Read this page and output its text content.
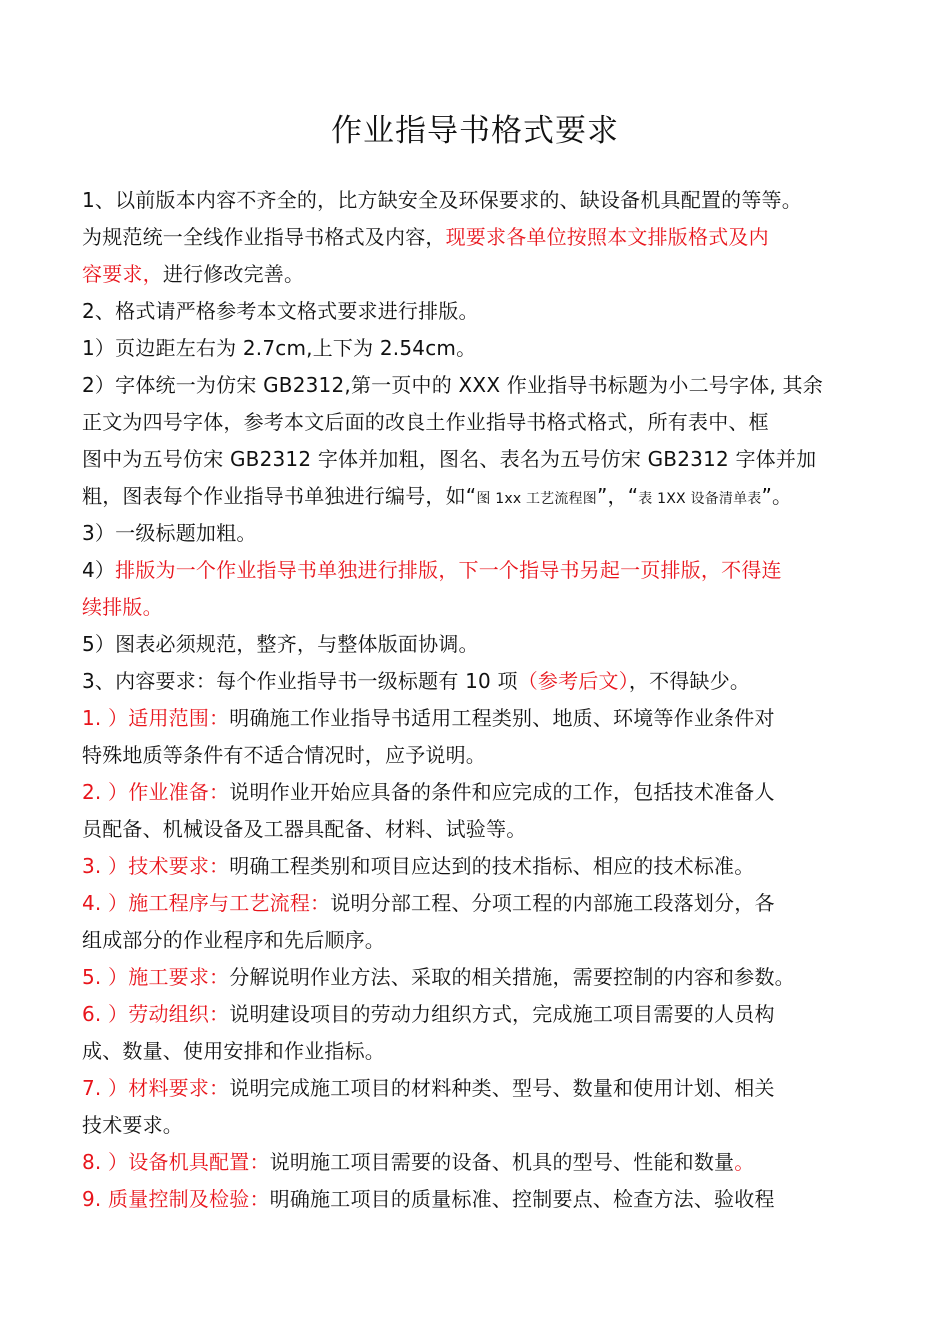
作业指导书格式要求
1、以前版本内容不齐全的，比方缺安全及环保要求的、缺设备机具配置的等等。
为规范统一全线作业指导书格式及内容，现要求各单位按照本文排版格式及内
容要求，进行修改完善。
2、格式请严格参考本文格式要求进行排版。
1）页边距左右为 2.7cm,上下为 2.54cm。
2）字体统一为仿宋 GB2312,第一页中的 XXX 作业指导书标题为小二号字体, 其余
正文为四号字体，参考本文后面的改良土作业指导书格式格式，所有表中、框
图中为五号仿宋 GB2312 字体并加粗，图名、表名为五号仿宋 GB2312 字体并加
粗，图表每个作业指导书单独进行编号，如“图 1xx 工艺流程图”，“表 1XX 设备清单表”。
3）一级标题加粗。
4）排版为一个作业指导书单独进行排版，下一个指导书另起一页排版，不得连
续排版。
5）图表必须规范，整齐，与整体版面协调。
3、内容要求：每个作业指导书一级标题有 10 项（参考后文），不得缺少。
1. ）适用范围：明确施工作业指导书适用工程类别、地质、环境等作业条件对
特殊地质等条件有不适合情况时，应予说明。
2. ）作业准备：说明作业开始应具备的条件和应完成的工作，包括技术准备人
员配备、机械设备及工器具配备、材料、试验等。
3. ）技术要求：明确工程类别和项目应达到的技术指标、相应的技术标准。
4. ）施工程序与工艺流程：说明分部工程、分项工程的内部施工段落划分，各
组成部分的作业程序和先后顺序。
5. ）施工要求：分解说明作业方法、采取的相关措施，需要控制的内容和参数。
6. ）劳动组织：说明建设项目的劳动力组织方式，完成施工项目需要的人员构
成、数量、使用安排和作业指标。
7. ）材料要求：说明完成施工项目的材料种类、型号、数量和使用计划、相关
技术要求。
8. ）设备机具配置：说明施工项目需要的设备、机具的型号、性能和数量。
9. 质量控制及检验：明确施工项目的质量标准、控制要点、检查方法、验收程
